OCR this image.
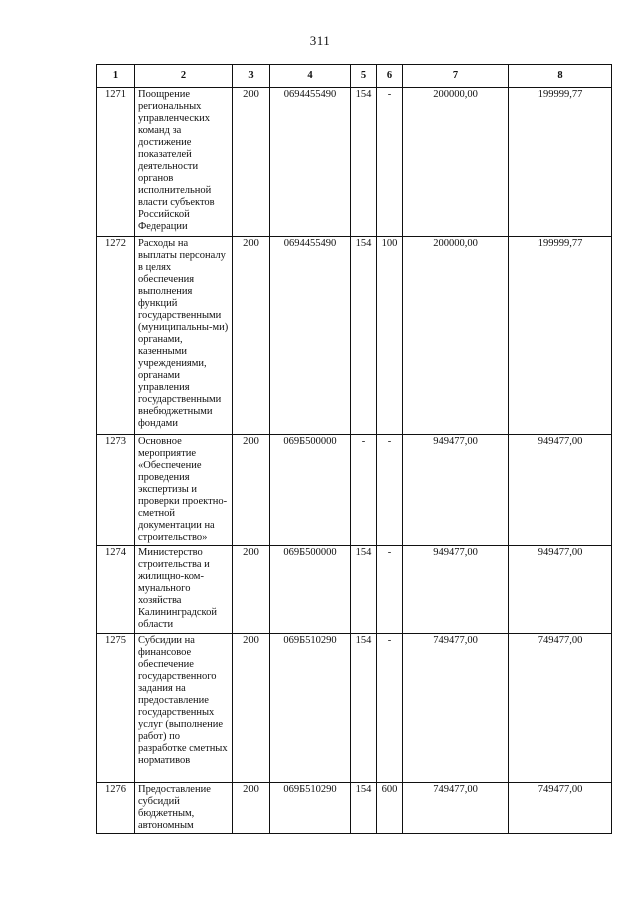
311
1	2	3	4	5	6	7	8
1271	Поощрение региональных управленческих команд за достижение показателей деятельности органов исполнительной власти субъектов Российской Федерации	200	0694455490	154	-	200000,00	199999,77
1272	Расходы на выплаты персоналу в целях обеспечения выполнения функций государственными (муниципальны-ми) органами, казенными учреждениями, органами управления государственными внебюджетными фондами	200	0694455490	154	100	200000,00	199999,77
1273	Основное мероприятие «Обеспечение проведения экспертизы и проверки проектно-сметной документации на строительство»	200	069Б500000	-	-	949477,00	949477,00
1274	Министерство строительства и жилищно-ком-мунального хозяйства Калининградской области	200	069Б500000	154	-	949477,00	949477,00
1275	Субсидии на финансовое обеспечение государственного задания на предоставление государственных услуг (выполнение работ) по разработке сметных нормативов	200	069Б510290	154	-	749477,00	749477,00
1276	Предоставление субсидий бюджетным, автономным	200	069Б510290	154	600	749477,00	749477,00
